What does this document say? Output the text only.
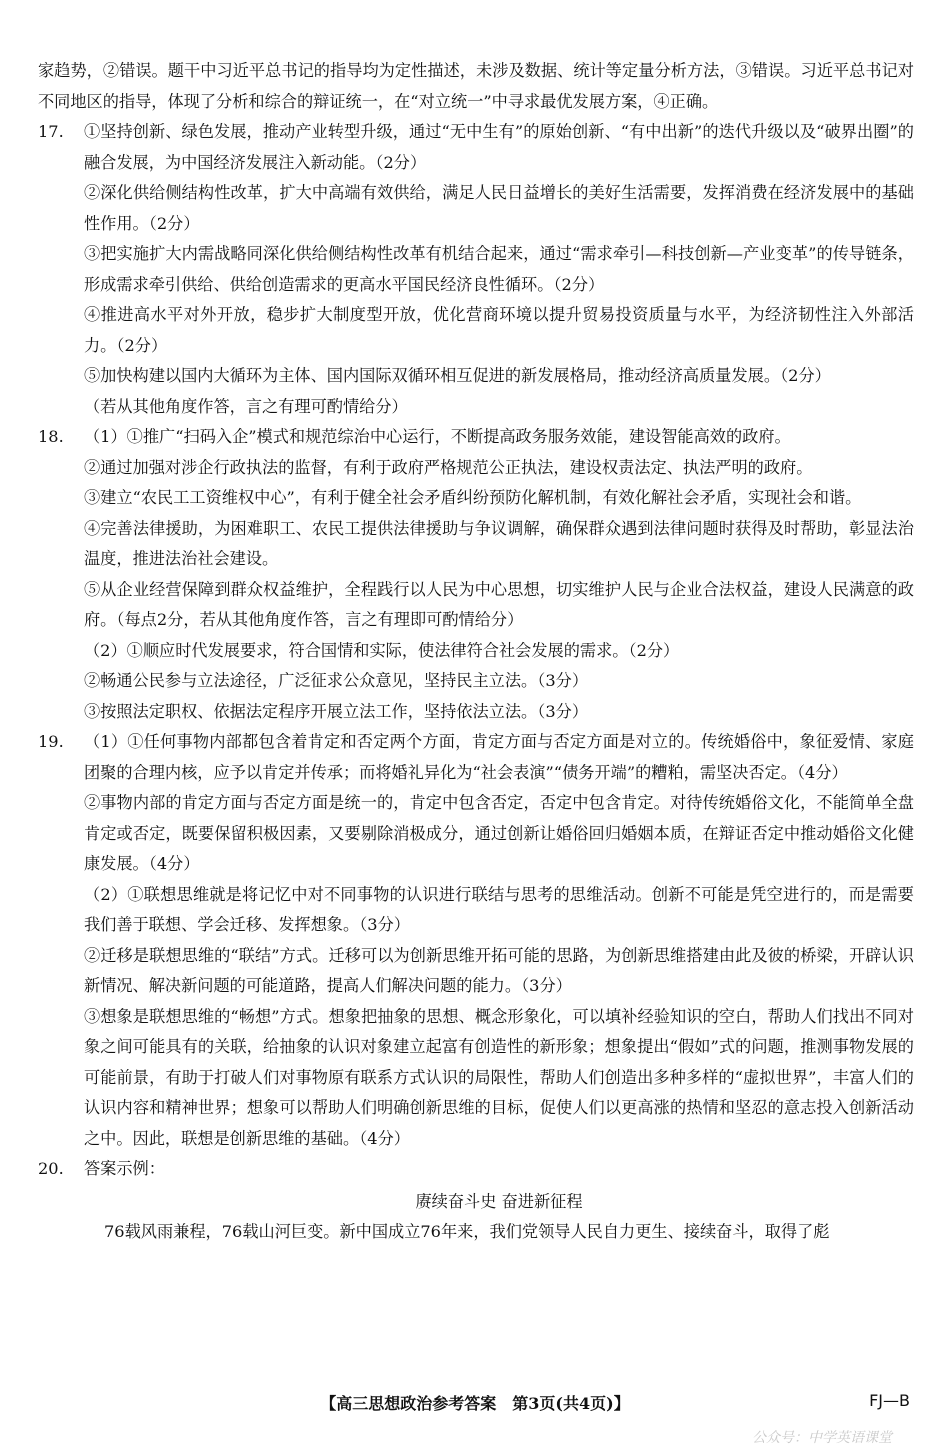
家趋势，②错误。题干中习近平总书记的指导均为定性描述，未涉及数据、统计等定量分析方法，③错误。习近平总书记对不同地区的指导，体现了分析和综合的辩证统一，在“对立统一”中寻求最优发展方案，④正确。

17.	①坚持创新、绿色发展，推动产业转型升级，通过“无中生有”的原始创新、“有中出新”的迭代升级以及“破界出圈”的融合发展，为中国经济发展注入新动能。（2分）

②深化供给侧结构性改革，扩大中高端有效供给，满足人民日益增长的美好生活需要，发挥消费在经济发展中的基础性作用。（2分）

③把实施扩大内需战略同深化供给侧结构性改革有机结合起来，通过“需求牵引—科技创新—产业变革”的传导链条，形成需求牵引供给、供给创造需求的更高水平国民经济良性循环。（2分）

④推进高水平对外开放，稳步扩大制度型开放，优化营商环境以提升贸易投资质量与水平，为经济韧性注入外部活力。（2分）

⑤加快构建以国内大循环为主体、国内国际双循环相互促进的新发展格局，推动经济高质量发展。（2分）

（若从其他角度作答，言之有理可酌情给分）

18.	（1）①推广“扫码入企”模式和规范综治中心运行，不断提高政务服务效能，建设智能高效的政府。

②通过加强对涉企行政执法的监督，有利于政府严格规范公正执法，建设权责法定、执法严明的政府。

③建立“农民工工资维权中心”，有利于健全社会矛盾纠纷预防化解机制，有效化解社会矛盾，实现社会和谐。

④完善法律援助，为困难职工、农民工提供法律援助与争议调解，确保群众遇到法律问题时获得及时帮助，彰显法治温度，推进法治社会建设。

⑤从企业经营保障到群众权益维护，全程践行以人民为中心思想，切实维护人民与企业合法权益，建设人民满意的政府。（每点2分，若从其他角度作答，言之有理即可酌情给分）

（2）①顺应时代发展要求，符合国情和实际，使法律符合社会发展的需求。（2分）

②畅通公民参与立法途径，广泛征求公众意见，坚持民主立法。（3分）

③按照法定职权、依据法定程序开展立法工作，坚持依法立法。（3分）

19.	（1）①任何事物内部都包含着肯定和否定两个方面，肯定方面与否定方面是对立的。传统婚俗中，象征爱情、家庭团聚的合理内核，应予以肯定并传承；而将婚礼异化为“社会表演”“债务开端”的糟粕，需坚决否定。（4分）

②事物内部的肯定方面与否定方面是统一的，肯定中包含否定，否定中包含肯定。对待传统婚俗文化，不能简单全盘肯定或否定，既要保留积极因素，又要剔除消极成分，通过创新让婚俗回归婚姻本质，在辩证否定中推动婚俗文化健康发展。（4分）

（2）①联想思维就是将记忆中对不同事物的认识进行联结与思考的思维活动。创新不可能是凭空进行的，而是需要我们善于联想、学会迁移、发挥想象。（3分）

②迁移是联想思维的“联结”方式。迁移可以为创新思维开拓可能的思路，为创新思维搭建由此及彼的桥梁，开辟认识新情况、解决新问题的可能道路，提高人们解决问题的能力。（3分）

③想象是联想思维的“畅想”方式。想象把抽象的思想、概念形象化，可以填补经验知识的空白，帮助人们找出不同对象之间可能具有的关联，给抽象的认识对象建立起富有创造性的新形象；想象提出“假如”式的问题，推测事物发展的可能前景，有助于打破人们对事物原有联系方式认识的局限性，帮助人们创造出多种多样的“虚拟世界”，丰富人们的认识内容和精神世界；想象可以帮助人们明确创新思维的目标，促使人们以更高涨的热情和坚忍的意志投入创新活动之中。因此，联想是创新思维的基础。（4分）

20.	答案示例：

赓续奋斗史 奋进新征程

76载风雨兼程，76载山河巨变。新中国成立76年来，我们党领导人民自力更生、接续奋斗，取得了彪

【高三思想政治参考答案　第3页(共4页)】	FJ—B
公众号：中学英语课堂
